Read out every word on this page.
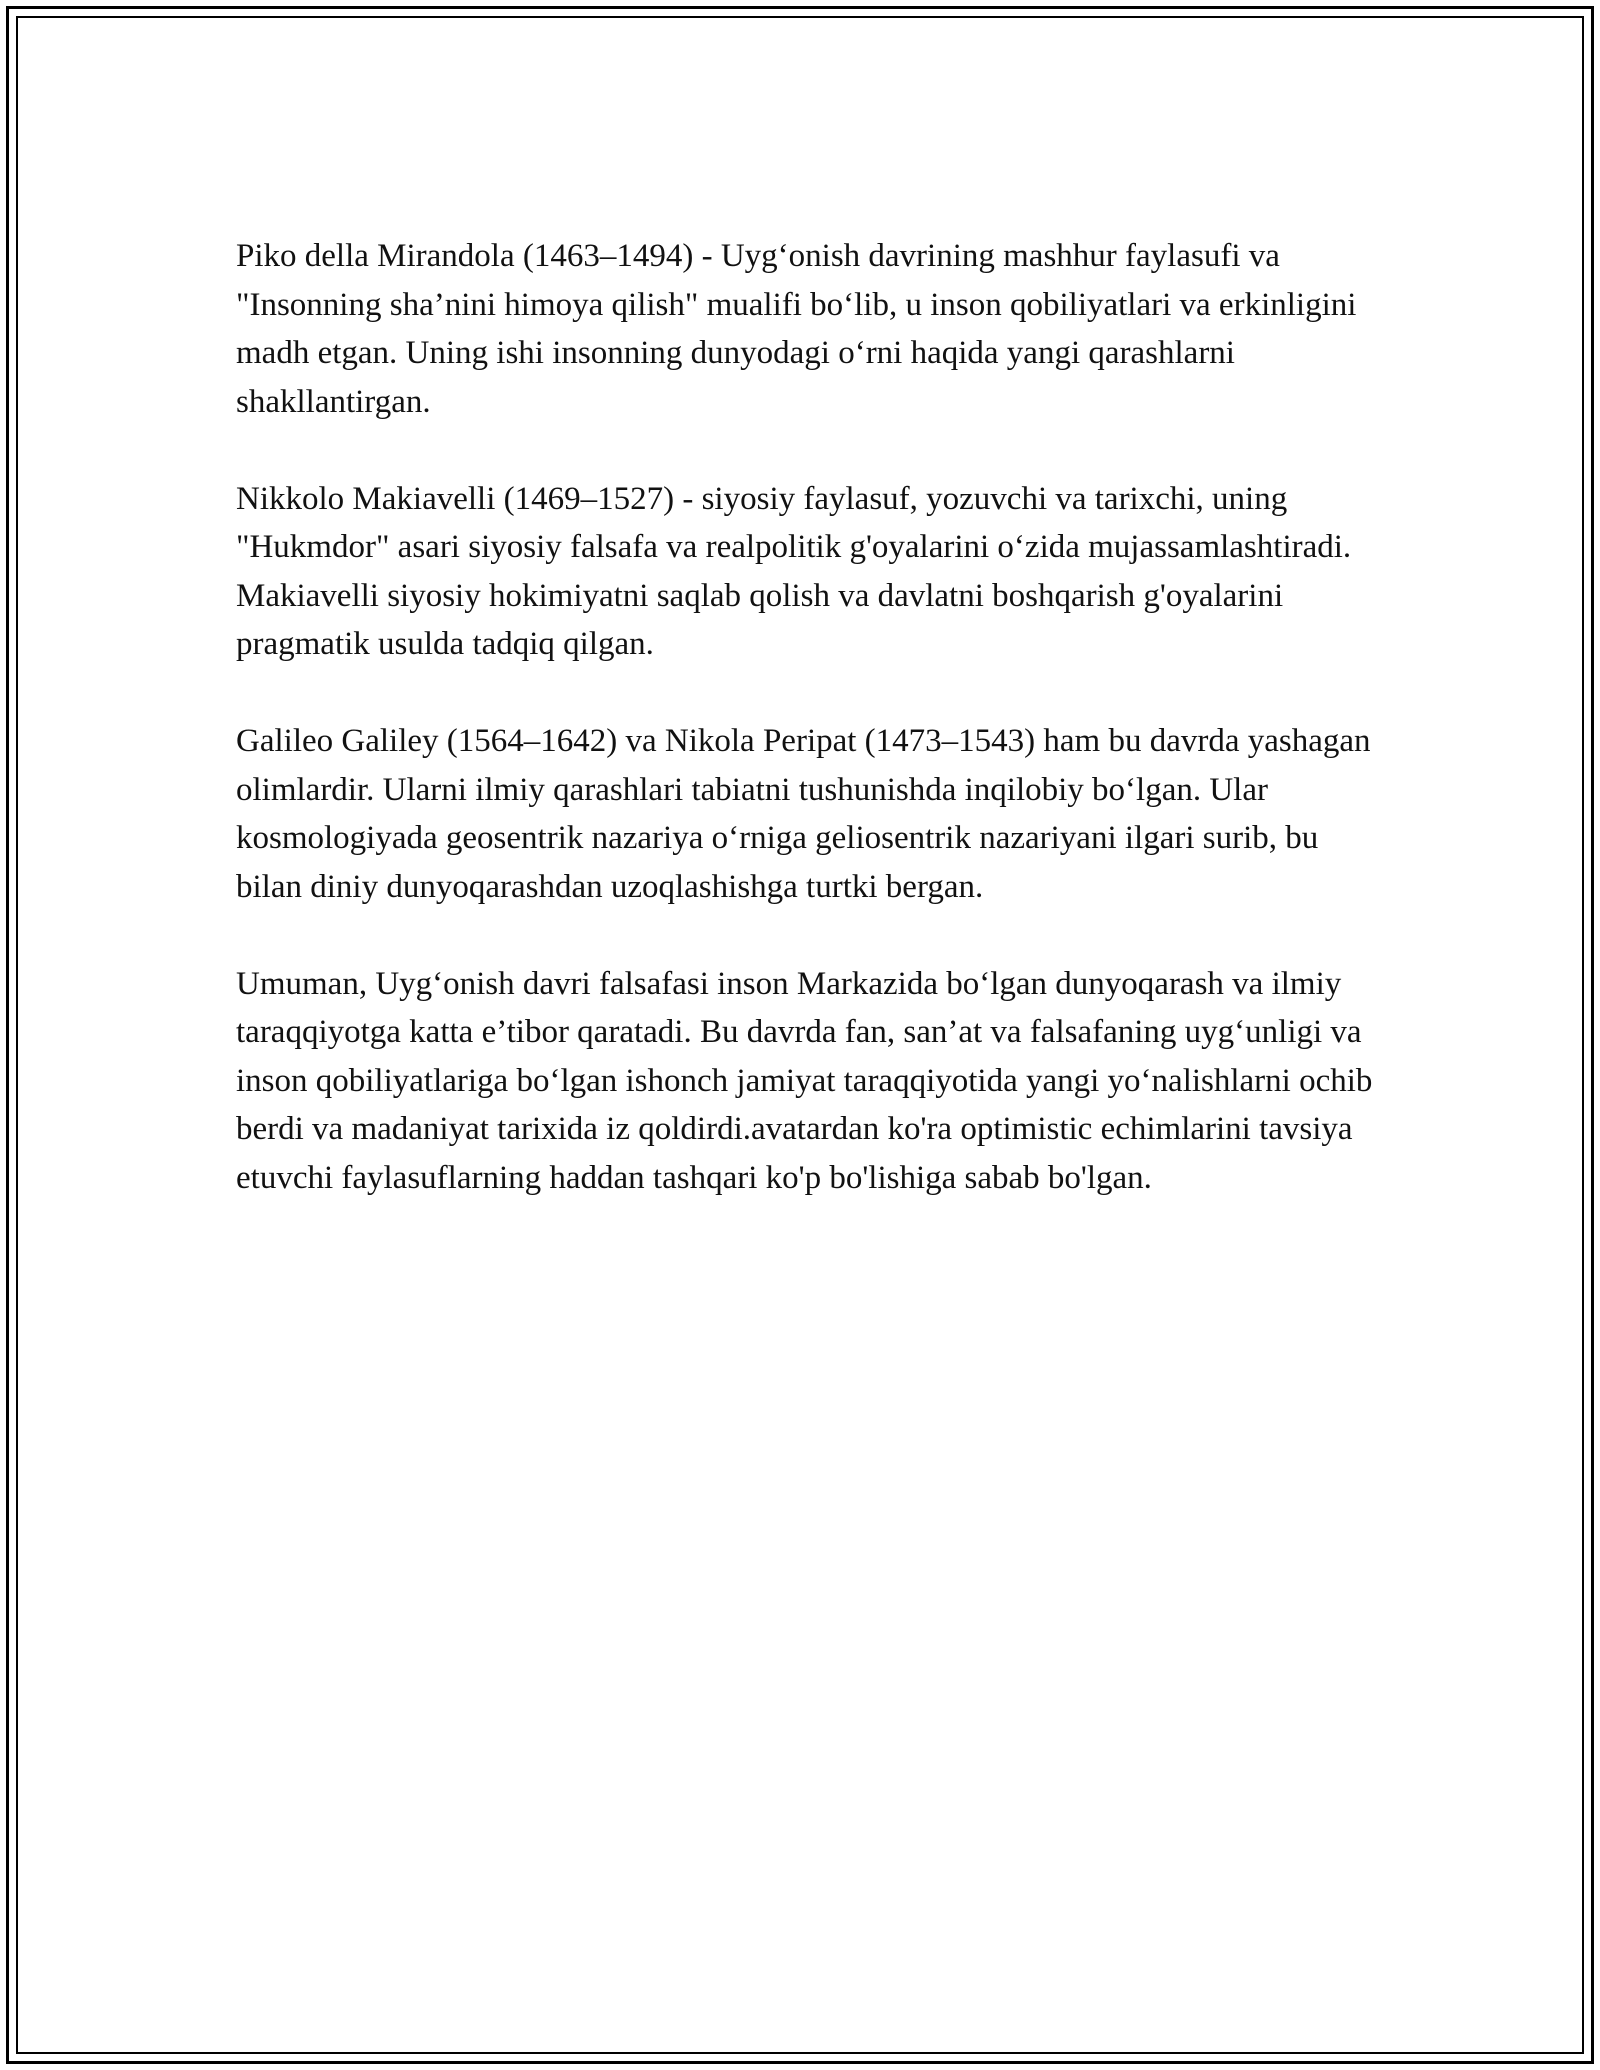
Piko della Mirandola (1463–1494) - Uyg‘onish davrining mashhur faylasufi va "Insonning sha’nini himoya qilish" mualifi bo‘lib, u inson qobiliyatlari va erkinligini madh etgan. Uning ishi insonning dunyodagi o‘rni haqida yangi qarashlarni shakllantirgan.

Nikkolo Makiavelli (1469–1527) - siyosiy faylasuf, yozuvchi va tarixchi, uning "Hukmdor" asari siyosiy falsafa va realpolitik g'oyalarini o‘zida mujassamlashtiradi. Makiavelli siyosiy hokimiyatni saqlab qolish va davlatni boshqarish g'oyalarini pragmatik usulda tadqiq qilgan.

Galileo Galiley (1564–1642) va Nikola Peripat (1473–1543) ham bu davrda yashagan olimlardir. Ularni ilmiy qarashlari tabiatni tushunishda inqilobiy bo‘lgan. Ular kosmologiyada geosentrik nazariya o‘rniga geliosentrik nazariyani ilgari surib, bu bilan diniy dunyoqarashdan uzoqlashishga turtki bergan.

Umuman, Uyg‘onish davri falsafasi inson Markazida bo‘lgan dunyoqarash va ilmiy taraqqiyotga katta e’tibor qaratadi. Bu davrda fan, san’at va falsafaning uyg‘unligi va inson qobiliyatlariga bo‘lgan ishonch jamiyat taraqqiyotida yangi yo‘nalishlarni ochib berdi va madaniyat tarixida iz qoldirdi.avatardan ko'ra optimistic echimlarini tavsiya etuvchi faylasuflarning haddan tashqari ko'p bo'lishiga sabab bo'lgan.
